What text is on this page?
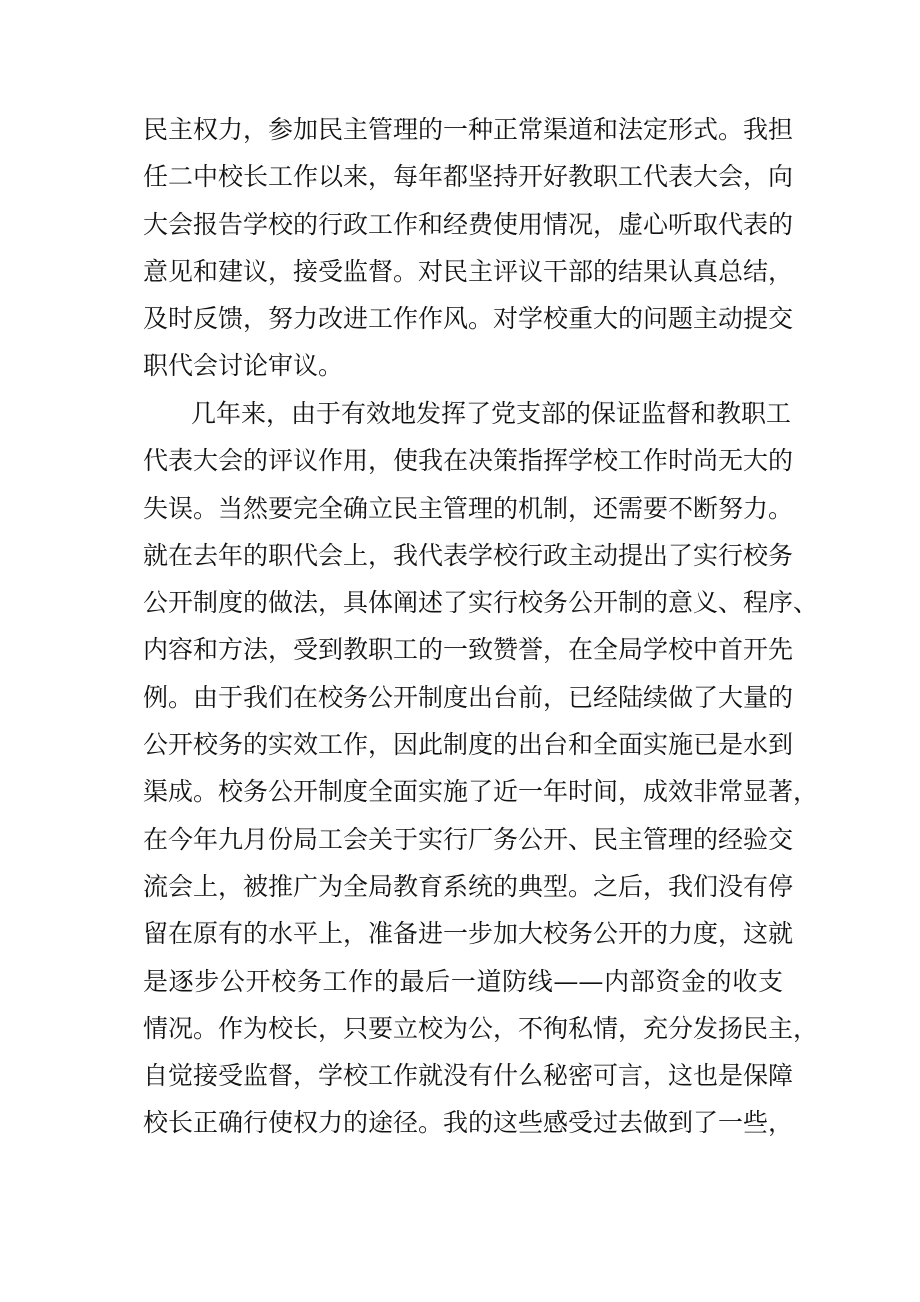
民主权力，参加民主管理的一种正常渠道和法定形式。我担
任二中校长工作以来，每年都坚持开好教职工代表大会，向
大会报告学校的行政工作和经费使用情况，虚心听取代表的
意见和建议，接受监督。对民主评议干部的结果认真总结，
及时反馈，努力改进工作作风。对学校重大的问题主动提交
职代会讨论审议。
几年来，由于有效地发挥了党支部的保证监督和教职工
代表大会的评议作用，使我在决策指挥学校工作时尚无大的
失误。当然要完全确立民主管理的机制，还需要不断努力。
就在去年的职代会上，我代表学校行政主动提出了实行校务
公开制度的做法，具体阐述了实行校务公开制的意义、程序、
内容和方法，受到教职工的一致赞誉，在全局学校中首开先
例。由于我们在校务公开制度出台前，已经陆续做了大量的
公开校务的实效工作，因此制度的出台和全面实施已是水到
渠成。校务公开制度全面实施了近一年时间，成效非常显著，
在今年九月份局工会关于实行厂务公开、民主管理的经验交
流会上，被推广为全局教育系统的典型。之后，我们没有停
留在原有的水平上，准备进一步加大校务公开的力度，这就
是逐步公开校务工作的最后一道防线——内部资金的收支
情况。作为校长，只要立校为公，不徇私情，充分发扬民主，
自觉接受监督，学校工作就没有什么秘密可言，这也是保障
校长正确行使权力的途径。我的这些感受过去做到了一些，
